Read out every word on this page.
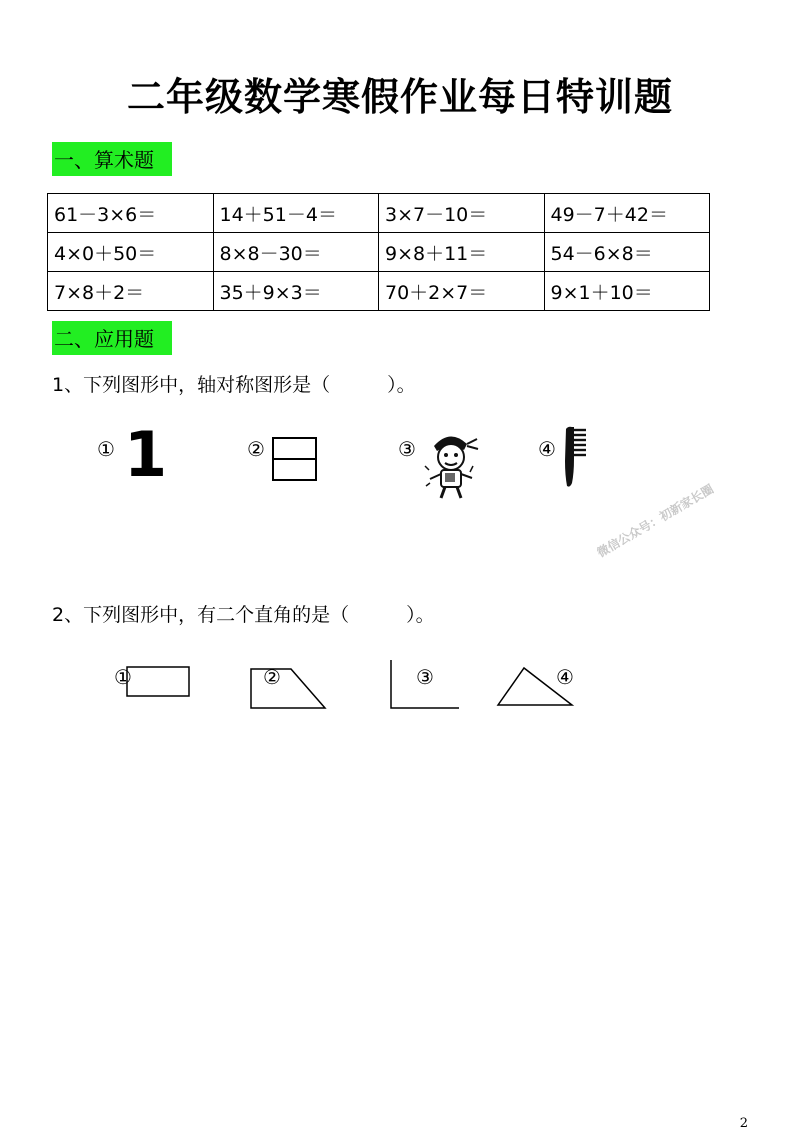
二年级数学寒假作业每日特训题
一、算术题
61－3×6＝	14＋51－4＝	3×7－10＝	49－7＋42＝
4×0＋50＝	8×8－30＝	9×8＋11＝	54－6×8＝
7×8＋2＝	35＋9×3＝	70＋2×7＝	9×1＋10＝
二、应用题
1、下列图形中，轴对称图形是（　　　）。
① 1	②	③	④
微信公众号：初新家长圈
2、下列图形中，有二个直角的是（　　　）。
①	②	③	④
2
